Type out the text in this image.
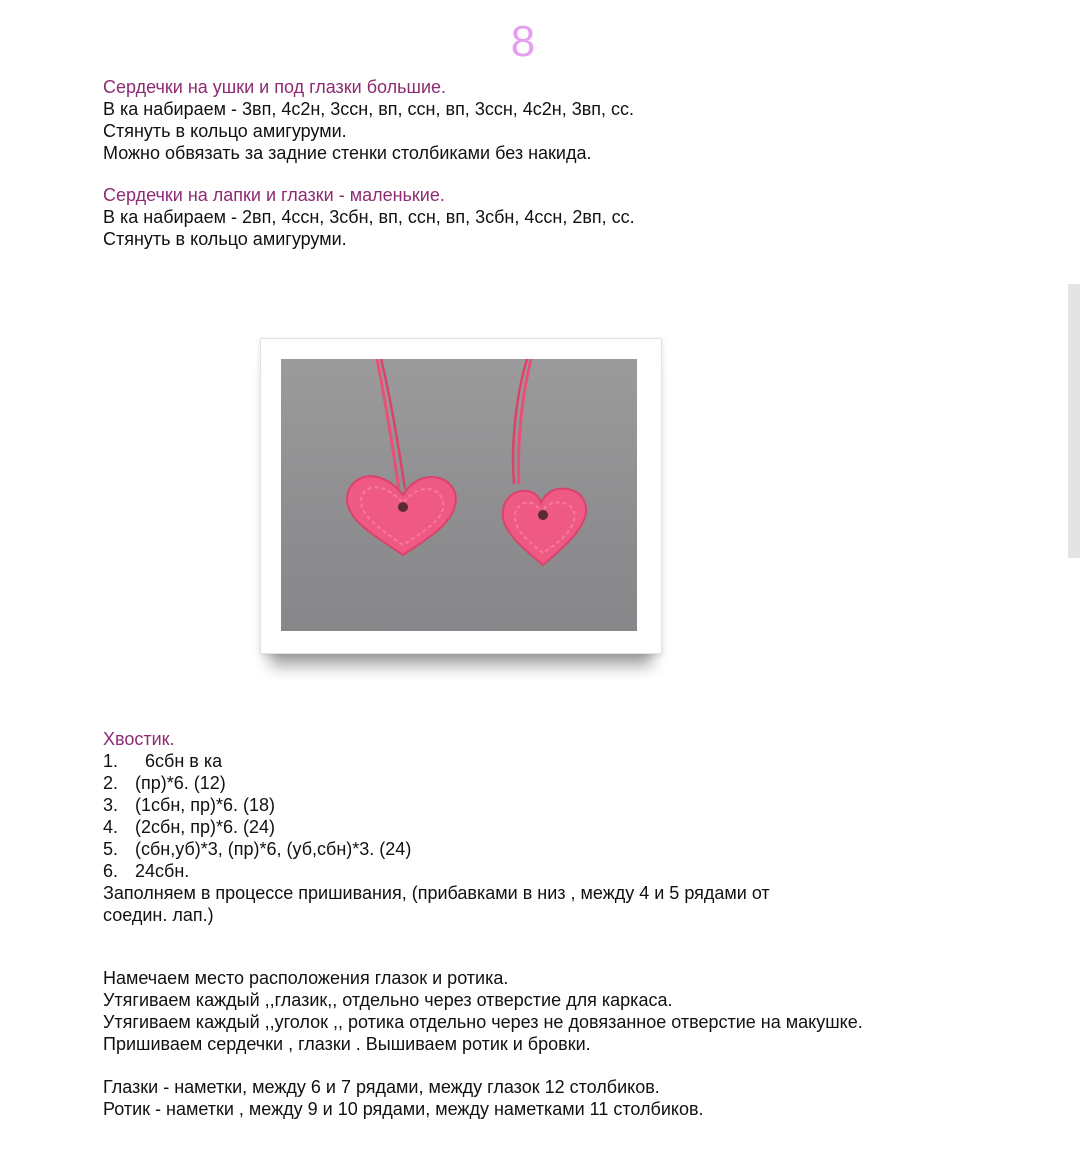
8
Сердечки на ушки и под глазки большие.
В ка набираем - 3вп, 4с2н, 3ссн, вп, ссн, вп, 3ссн, 4с2н, 3вп, сс.
Стянуть в кольцо амигуруми.
Можно обвязать за задние стенки столбиками без накида.
Сердечки на лапки и глазки - маленькие.
В ка набираем - 2вп, 4ссн, 3сбн, вп, ссн, вп, 3сбн, 4ссн, 2вп, сс.
Стянуть в кольцо амигуруми.
Хвостик.
1. 6сбн в ка
2. (пр)*6. (12)
3. (1сбн, пр)*6. (18)
4. (2сбн, пр)*6. (24)
5. (сбн,уб)*3, (пр)*6, (уб,сбн)*3. (24)
6. 24сбн.
Заполняем в процессе пришивания, (прибавками в низ , между 4 и 5 рядами от
соедин. лап.)
Намечаем место расположения глазок и ротика.
Утягиваем каждый ,,глазик,, отдельно через отверстие для каркаса.
Утягиваем каждый ,,уголок ,, ротика отдельно через не довязанное отверстие на макушке.
Пришиваем сердечки , глазки . Вышиваем ротик и бровки.
Глазки - наметки, между 6 и 7 рядами, между глазок 12 столбиков.
Ротик - наметки , между 9 и 10 рядами, между наметками 11 столбиков.
